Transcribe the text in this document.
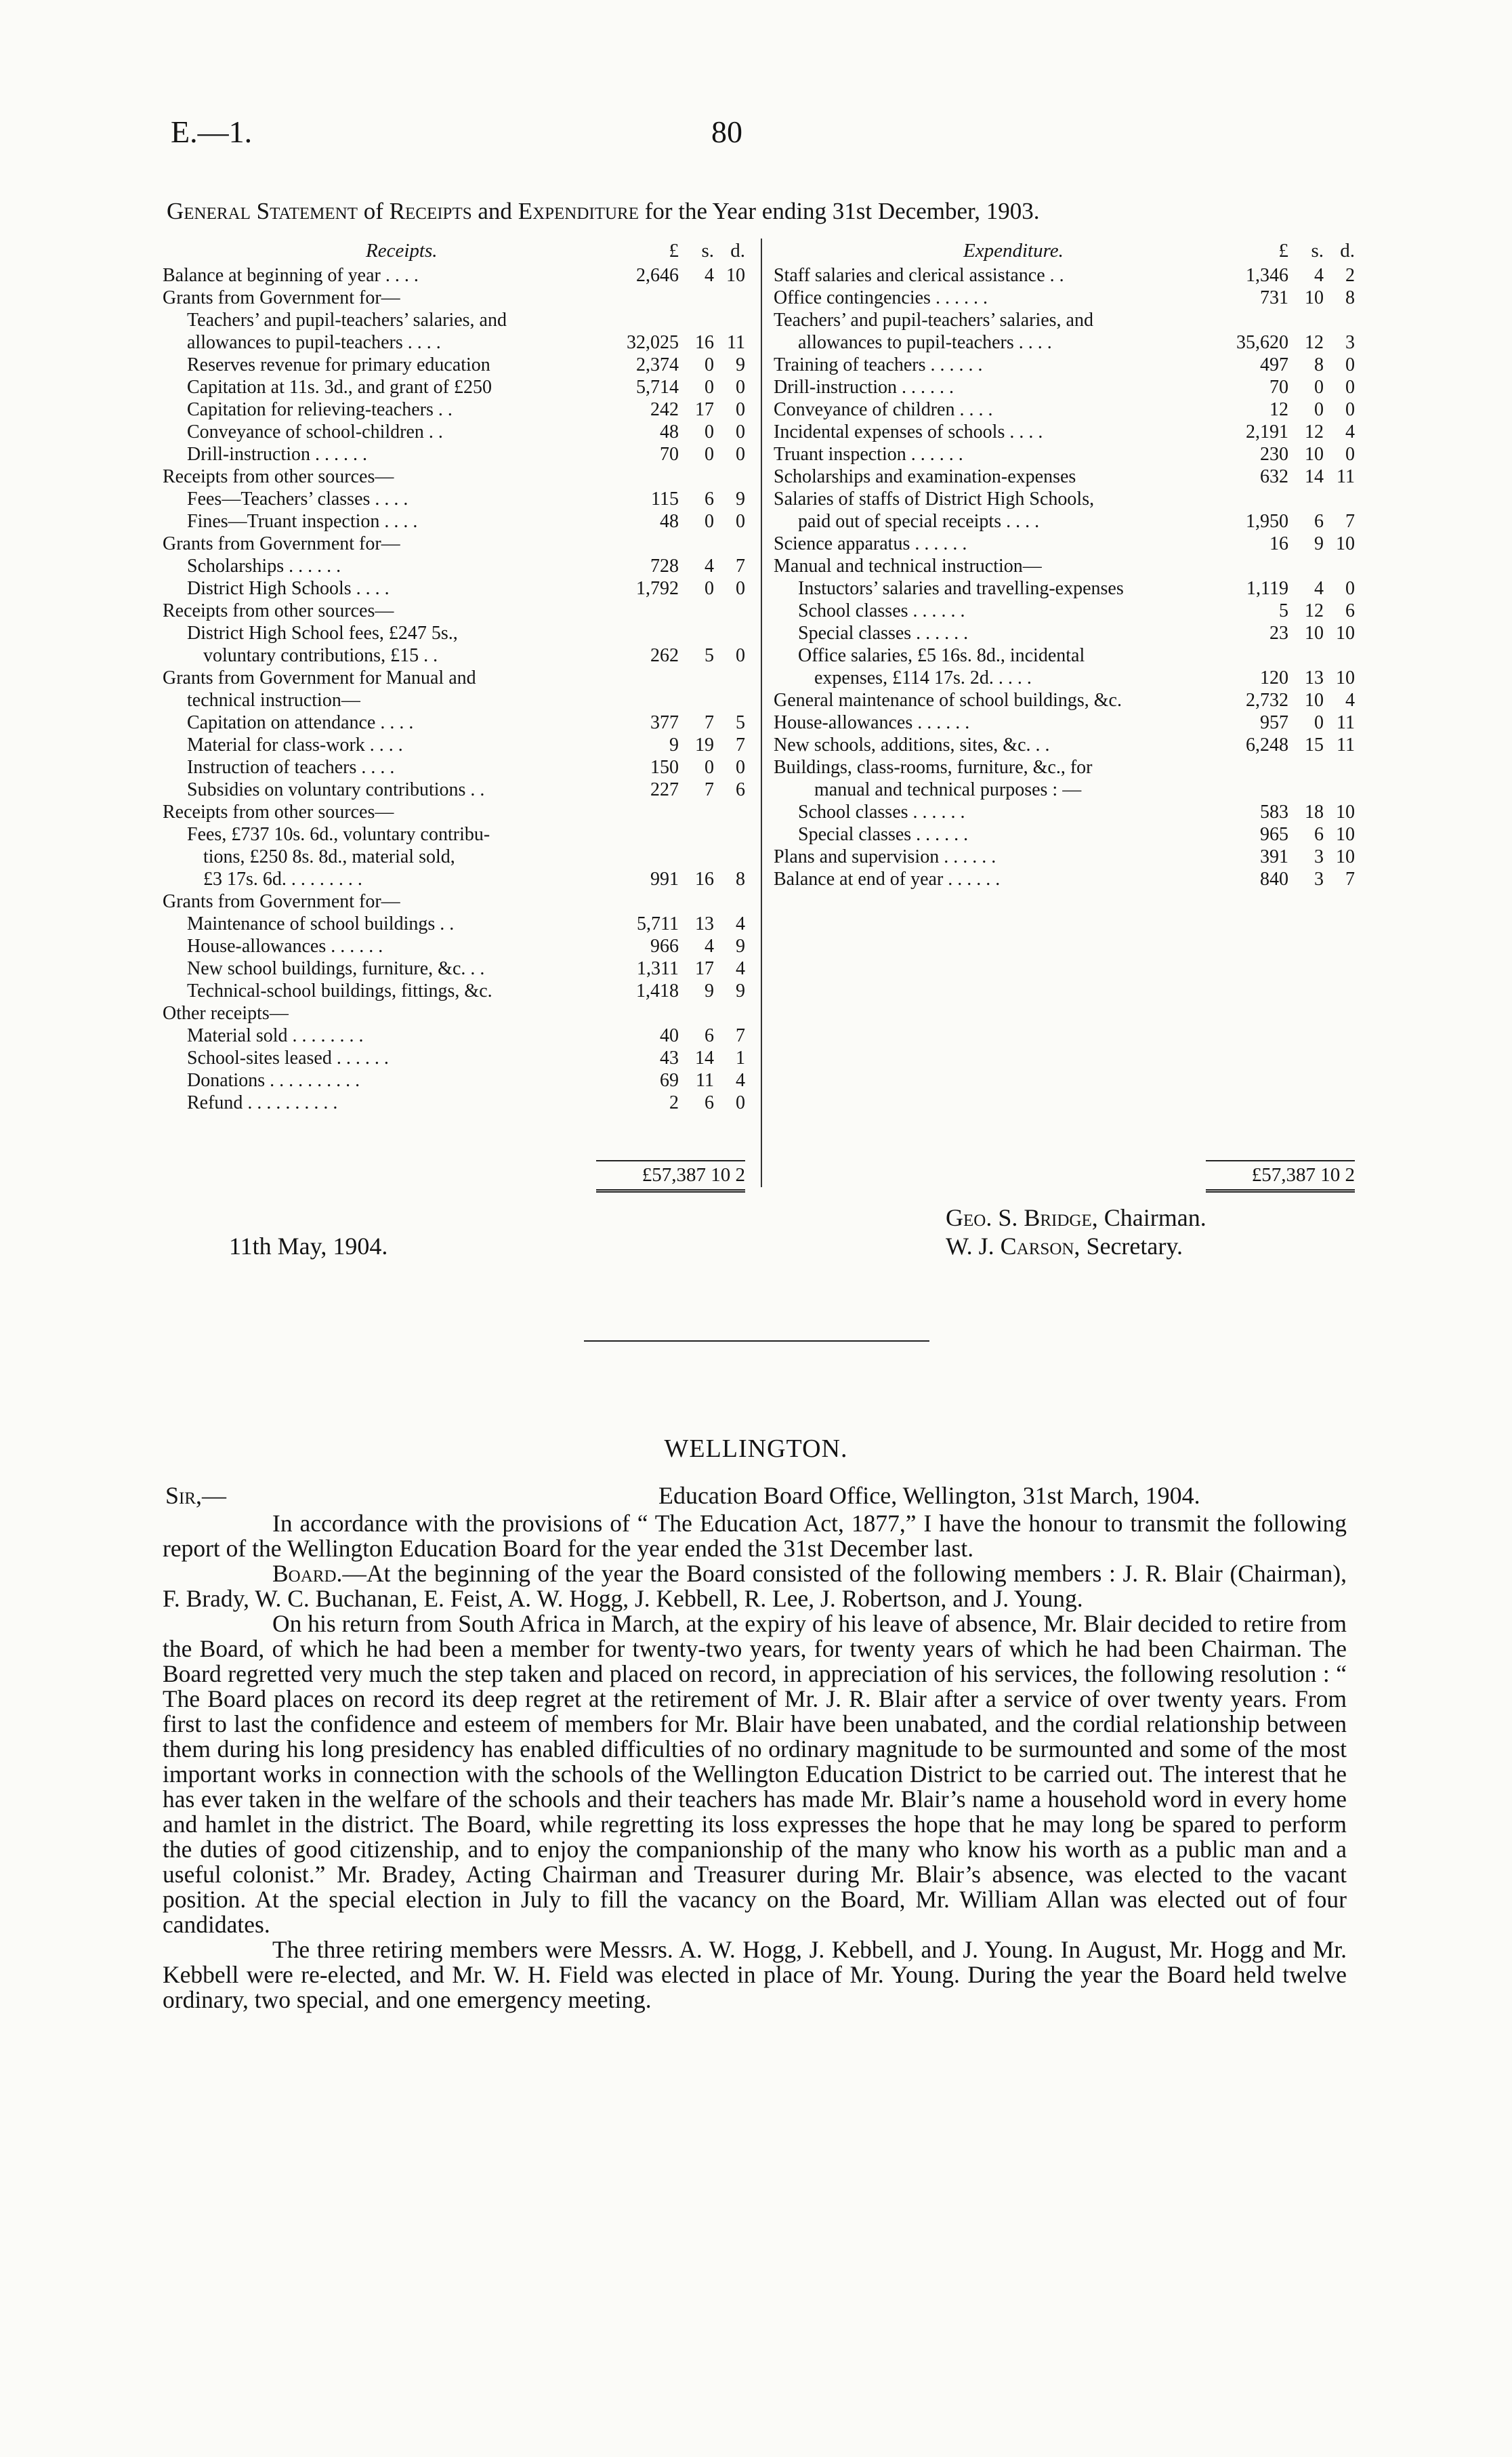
E.—1.	80
General Statement of Receipts and Expenditure for the Year ending 31st December, 1903.
Receipts.	£	s. d.
Balance at beginning of year . . . .	2,646	4 10
Grants from Government for—
Teachers’ and pupil-teachers’ salaries, and
allowances to pupil-teachers . . . .	32,025 16 11
Reserves revenue for primary education	2,374	0	9
Capitation at 11s. 3d., and grant of £250	5,714	0	0
Capitation for relieving-teachers . .	242 17	0
Conveyance of school-children . .	48	0	0
Drill-instruction . . . . . .	70	0	0
Receipts from other sources—
Fees—Teachers’ classes . . . .	115	6	9
Fines—Truant inspection . . . .	48	0	0
Grants from Government for—
Scholarships . . . . . .	728	4	7
District High Schools . . . .	1,792	0	0
Receipts from other sources—
District High School fees, £247 5s.,
voluntary contributions, £15 . .	262	5	0
Grants from Government for Manual and
technical instruction—
Capitation on attendance . . . .	377	7	5
Material for class-work . . . .	9 19	7
Instruction of teachers . . . .	150	0	0
Subsidies on voluntary contributions . .	227	7	6
Receipts from other sources—
Fees, £737 10s. 6d., voluntary contribu-
tions, £250 8s. 8d., material sold,
£3 17s. 6d. . . . . . . . .	991 16	8
Grants from Government for—
Maintenance of school buildings . .	5,711 13	4
House-allowances . . . . . .	966	4	9
New school buildings, furniture, &c. . .	1,311 17	4
Technical-school buildings, fittings, &c.	1,418	9	9
Other receipts—
Material sold . . . . . . . .	40	6	7
School-sites leased . . . . . .	43 14	1
Donations . . . . . . . . . .	69 11	4
Refund . . . . . . . . . .	2	6	0
Expenditure.	£	s. d.
Staff salaries and clerical assistance . .	1,346	4	2
Office contingencies . . . . . .	731 10	8
Teachers’ and pupil-teachers’ salaries, and
allowances to pupil-teachers . . . .	35,620 12	3
Training of teachers . . . . . .	497	8	0
Drill-instruction . . . . . .	70	0	0
Conveyance of children . . . .	12	0	0
Incidental expenses of schools . . . .	2,191 12	4
Truant inspection . . . . . .	230 10	0
Scholarships and examination-expenses	632 14 11
Salaries of staffs of District High Schools,
paid out of special receipts . . . .	1,950	6	7
Science apparatus . . . . . .	16	9 10
Manual and technical instruction—
Instuctors’ salaries and travelling-expenses	1,119	4	0
School classes . . . . . .	5 12	6
Special classes . . . . . .	23 10 10
Office salaries, £5 16s. 8d., incidental
expenses, £114 17s. 2d. . . . .	120 13 10
General maintenance of school buildings, &c.	2,732 10	4
House-allowances . . . . . .	957	0 11
New schools, additions, sites, &c. . .	6,248 15 11
Buildings, class-rooms, furniture, &c., for
manual and technical purposes : —
School classes . . . . . .	583 18 10
Special classes . . . . . .	965	6 10
Plans and supervision . . . . . .	391	3 10
Balance at end of year . . . . . .	840	3	7
£57,387 10 2	£57,387 10 2
11th May, 1904.
Geo. S. Bridge, Chairman.
W. J. Carson, Secretary.
WELLINGTON.
Sir,—	Education Board Office, Wellington, 31st March, 1904.

In accordance with the provisions of “ The Education Act, 1877,” I have the honour to transmit the following report of the Wellington Education Board for the year ended the 31st December last.

Board.—At the beginning of the year the Board consisted of the following members : J. R. Blair (Chairman), F. Brady, W. C. Buchanan, E. Feist, A. W. Hogg, J. Kebbell, R. Lee, J. Robertson, and J. Young.

On his return from South Africa in March, at the expiry of his leave of absence, Mr. Blair decided to retire from the Board, of which he had been a member for twenty-two years, for twenty years of which he had been Chairman. The Board regretted very much the step taken and placed on record, in appreciation of his services, the following resolution : “ The Board places on record its deep regret at the retirement of Mr. J. R. Blair after a service of over twenty years. From first to last the confidence and esteem of members for Mr. Blair have been unabated, and the cordial relationship between them during his long presidency has enabled difficulties of no ordinary magnitude to be surmounted and some of the most important works in connection with the schools of the Wellington Education District to be carried out. The interest that he has ever taken in the welfare of the schools and their teachers has made Mr. Blair’s name a household word in every home and hamlet in the district. The Board, while regretting its loss expresses the hope that he may long be spared to perform the duties of good citizenship, and to enjoy the companionship of the many who know his worth as a public man and a useful colonist.” Mr. Bradey, Acting Chairman and Treasurer during Mr. Blair’s absence, was elected to the vacant position. At the special election in July to fill the vacancy on the Board, Mr. William Allan was elected out of four candidates.

The three retiring members were Messrs. A. W. Hogg, J. Kebbell, and J. Young. In August, Mr. Hogg and Mr. Kebbell were re-elected, and Mr. W. H. Field was elected in place of Mr. Young. During the year the Board held twelve ordinary, two special, and one emergency meeting.
